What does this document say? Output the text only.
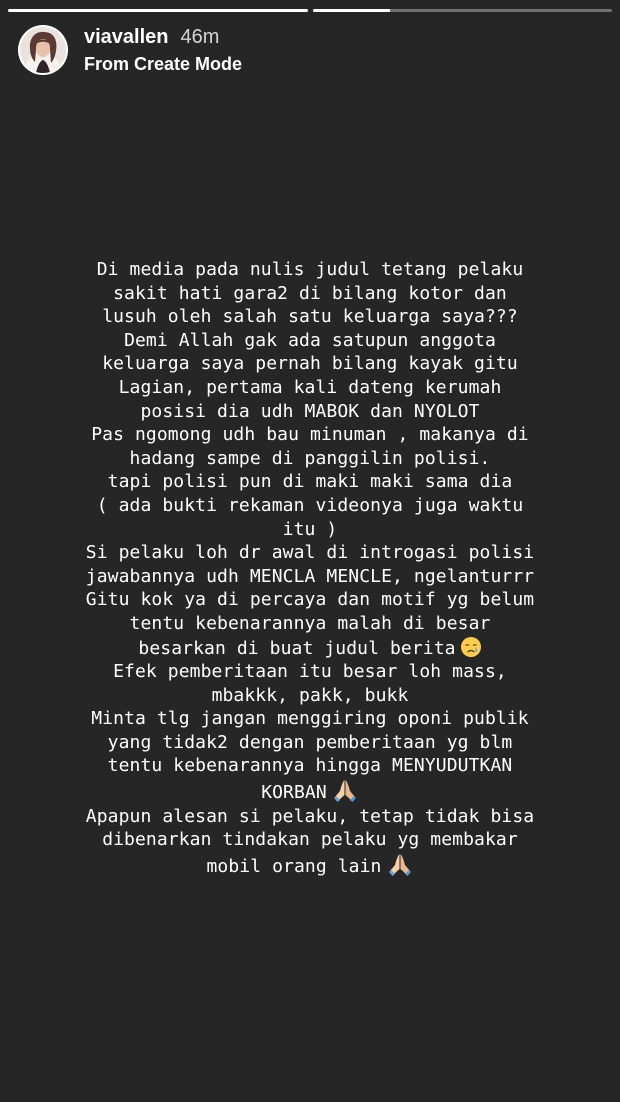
viavallen 46m
From Create Mode
Di media pada nulis judul tetang pelaku
sakit hati gara2 di bilang kotor dan
lusuh oleh salah satu keluarga saya???
Demi Allah gak ada satupun anggota
keluarga saya pernah bilang kayak gitu
Lagian, pertama kali dateng kerumah
posisi dia udh MABOK dan NYOLOT
Pas ngomong udh bau minuman , makanya di
hadang sampe di panggilin polisi.
tapi polisi pun di maki maki sama dia
( ada bukti rekaman videonya juga waktu
itu )
Si pelaku loh dr awal di introgasi polisi
jawabannya udh MENCLA MENCLE, ngelanturrr
Gitu kok ya di percaya dan motif yg belum
tentu kebenarannya malah di besar
besarkan di buat judul berita
Efek pemberitaan itu besar loh mass,
mbakkk, pakk, bukk
Minta tlg jangan menggiring oponi publik
yang tidak2 dengan pemberitaan yg blm
tentu kebenarannya hingga MENYUDUTKAN
KORBAN
Apapun alesan si pelaku, tetap tidak bisa
dibenarkan tindakan pelaku yg membakar
mobil orang lain
